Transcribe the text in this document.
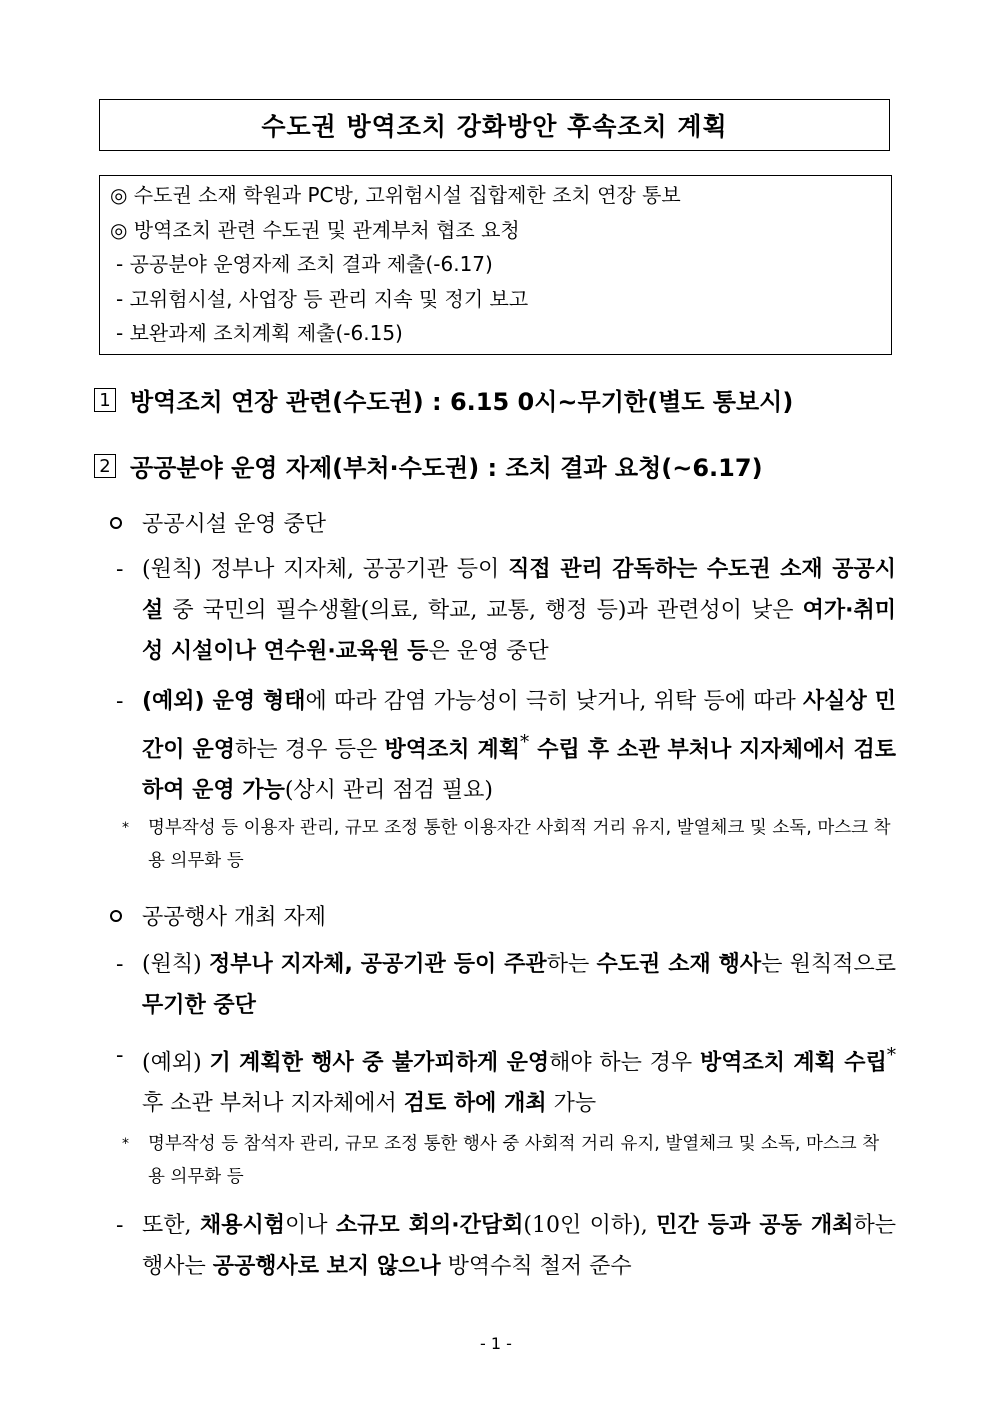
수도권 방역조치 강화방안 후속조치 계획
◎ 수도권 소재 학원과 PC방, 고위험시설 집합제한 조치 연장 통보
◎ 방역조치 관련 수도권 및 관계부처 협조 요청
- 공공분야 운영자제 조치 결과 제출(-6.17)
- 고위험시설, 사업장 등 관리 지속 및 정기 보고
- 보완과제 조치계획 제출(-6.15)
1 방역조치 연장 관련(수도권) : 6.15 0시~무기한(별도 통보시)
2 공공분야 운영 자제(부처·수도권) : 조치 결과 요청(~6.17)
공공시설 운영 중단
- (원칙) 정부나 지자체, 공공기관 등이 직접 관리 감독하는 수도권 소재 공공시설 중 국민의 필수생활(의료, 학교, 교통, 행정 등)과 관련성이 낮은 여가·취미성 시설이나 연수원·교육원 등은 운영 중단
- (예외) 운영 형태에 따라 감염 가능성이 극히 낮거나, 위탁 등에 따라 사실상 민간이 운영하는 경우 등은 방역조치 계획* 수립 후 소관 부처나 지자체에서 검토하여 운영 가능(상시 관리 점검 필요)
* 명부작성 등 이용자 관리, 규모 조정 통한 이용자간 사회적 거리 유지, 발열체크 및 소독, 마스크 착용 의무화 등
공공행사 개최 자제
- (원칙) 정부나 지자체, 공공기관 등이 주관하는 수도권 소재 행사는 원칙적으로 무기한 중단
- (예외) 기 계획한 행사 중 불가피하게 운영해야 하는 경우 방역조치 계획 수립* 후 소관 부처나 지자체에서 검토 하에 개최 가능
* 명부작성 등 참석자 관리, 규모 조정 통한 행사 중 사회적 거리 유지, 발열체크 및 소독, 마스크 착용 의무화 등
- 또한, 채용시험이나 소규모 회의·간담회(10인 이하), 민간 등과 공동 개최하는 행사는 공공행사로 보지 않으나 방역수칙 철저 준수
- 1 -
